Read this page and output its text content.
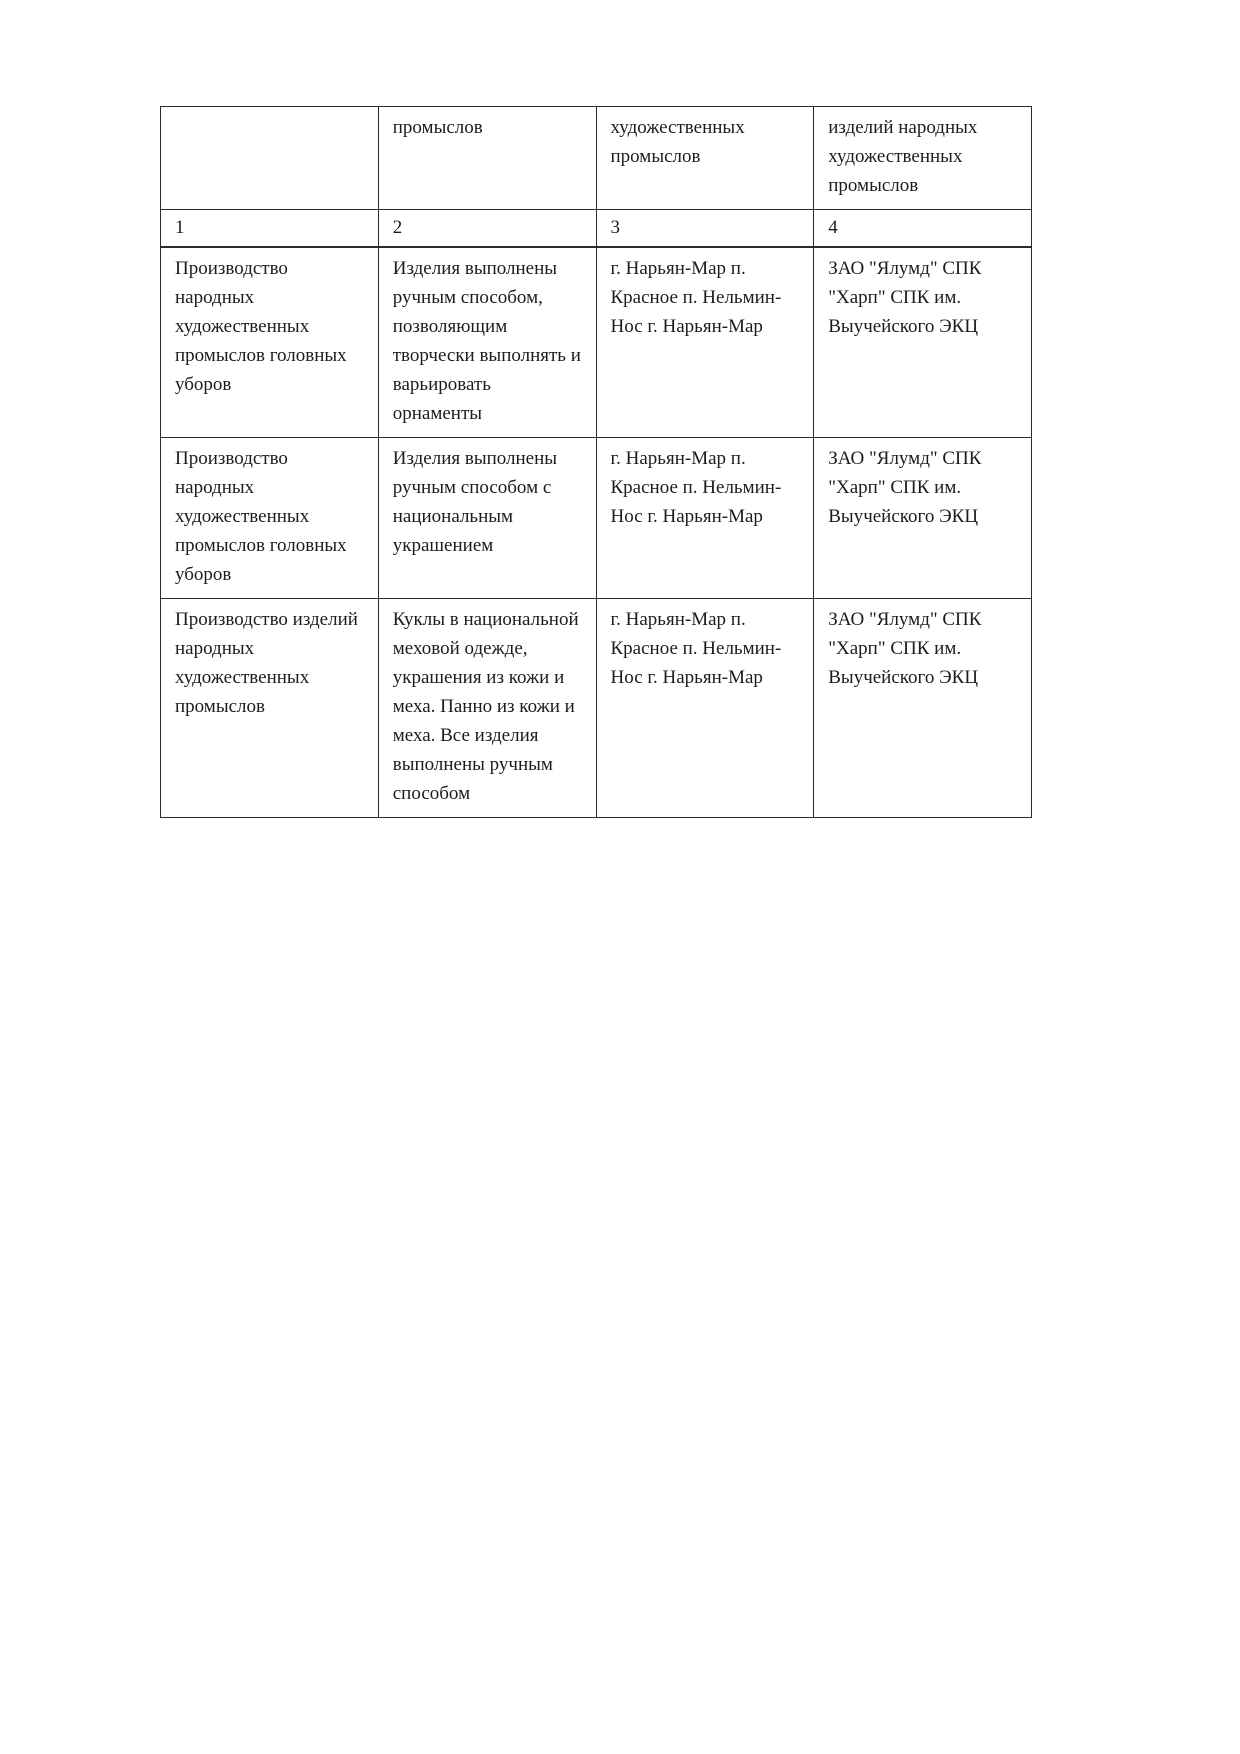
	промыслов	художественных промыслов	изделий народных художественных промыслов
1	2	3	4
Производство народных художественных промыслов головных уборов	Изделия выполнены ручным способом, позволяющим творчески выполнять и варьировать орнаменты	г. Нарьян-Мар п. Красное п. Нельмин-Нос г. Нарьян-Мар	ЗАО "Ялумд" СПК "Харп" СПК им. Выучейского ЭКЦ
Производство народных художественных промыслов головных уборов	Изделия выполнены ручным способом с национальным украшением	г. Нарьян-Мар п. Красное п. Нельмин-Нос г. Нарьян-Мар	ЗАО "Ялумд" СПК "Харп" СПК им. Выучейского ЭКЦ
Производство изделий народных художественных промыслов	Куклы в национальной меховой одежде, украшения из кожи и меха. Панно из кожи и меха. Все изделия выполнены ручным способом	г. Нарьян-Мар п. Красное п. Нельмин-Нос г. Нарьян-Мар	ЗАО "Ялумд" СПК "Харп" СПК им. Выучейского ЭКЦ
